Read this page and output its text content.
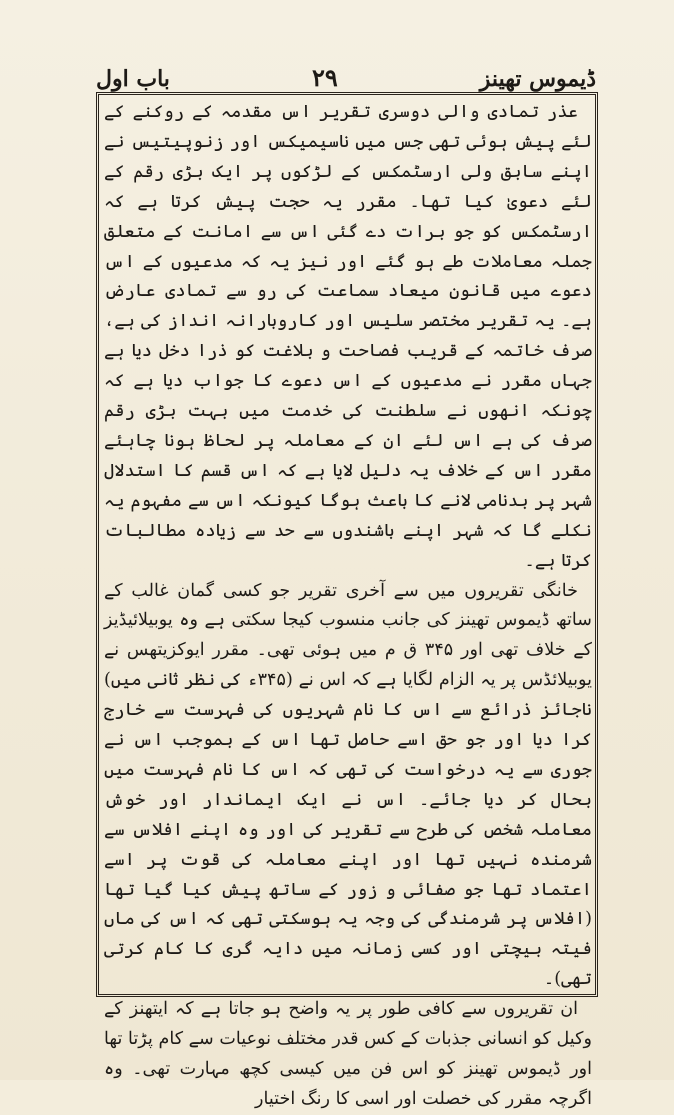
ڈیموس تھینز
۲۹
باب اول

عذر تمادی والی دوسری تقریر اس مقدمہ کے روکنے کے لئے پیش ہوئی تھی جس میں ناسیمیکس اور زنوپیتیس نے اپنے سابق ولی ارسٹمکس کے لڑکوں پر ایک بڑی رقم کے لئے دعویٰ کیا تھا۔ مقرر یہ حجت پیش کرتا ہے کہ ارسٹمکس کو جو برات دے گئی اس سے امانت کے متعلق جملہ معاملات طے ہو گئے اور نیز یہ کہ مدعیوں کے اس دعوے میں قانون میعاد سماعت کی رو سے تمادی عارض ہے۔ یہ تقریر مختصر سلیس اور کاروبارانہ انداز کی ہے، صرف خاتمہ کے قریب فصاحت و بلاغت کو ذرا دخل دیا ہے جہاں مقرر نے مدعیوں کے اس دعوے کا جواب دیا ہے کہ چونکہ انھوں نے سلطنت کی خدمت میں بہت بڑی رقم صرف کی ہے اس لئے ان کے معاملہ پر لحاظ ہونا چاہئے مقرر اس کے خلاف یہ دلیل لایا ہے کہ اس قسم کا استدلال شہر پر بدنامی لانے کا باعث ہوگا کیونکہ اس سے مفہوم یہ نکلے گا کہ شہر اپنے باشندوں سے حد سے زیادہ مطالبات کرتا ہے۔

خانگی تقریروں میں سے آخری تقریر جو کسی گمان غالب کے ساتھ ڈیموس تھینز کی جانب منسوب کیجا سکتی ہے وہ یوبیلائیڈیز کے خلاف تھی اور ۳۴۵ ق م میں ہوئی تھی۔ مقرر ایوکزیتھس نے یوبیلائڈس پر یہ الزام لگایا ہے کہ اس نے (۳۴۵ء کی نظر ثانی میں) ناجائز ذرائع سے اس کا نام شہریوں کی فہرست سے خارج کرا دیا اور جو حق اسے حاصل تھا اس کے بموجب اس نے جوری سے یہ درخواست کی تھی کہ اس کا نام فہرست میں بحال کر دیا جائے۔ اس نے ایک ایماندار اور خوش معاملہ شخص کی طرح سے تقریر کی اور وہ اپنے افلاس سے شرمندہ نہیں تھا اور اپنے معاملہ کی قوت پر اسے اعتماد تھا جو صفائی و زور کے ساتھ پیش کیا گیا تھا (افلاس پر شرمندگی کی وجہ یہ ہوسکتی تھی کہ اس کی ماں فیتہ بیچتی اور کسی زمانہ میں دایہ گری کا کام کرتی تھی)۔

ان تقریروں سے کافی طور پر یہ واضح ہو جاتا ہے کہ ایتھنز کے وکیل کو انسانی جذبات کے کس قدر مختلف نوعیات سے کام پڑتا تھا اور ڈیموس تھینز کو اس فن میں کیسی کچھ مہارت تھی۔ وہ اگرچہ مقرر کی خصلت اور اسی کا رنگ اختیار
